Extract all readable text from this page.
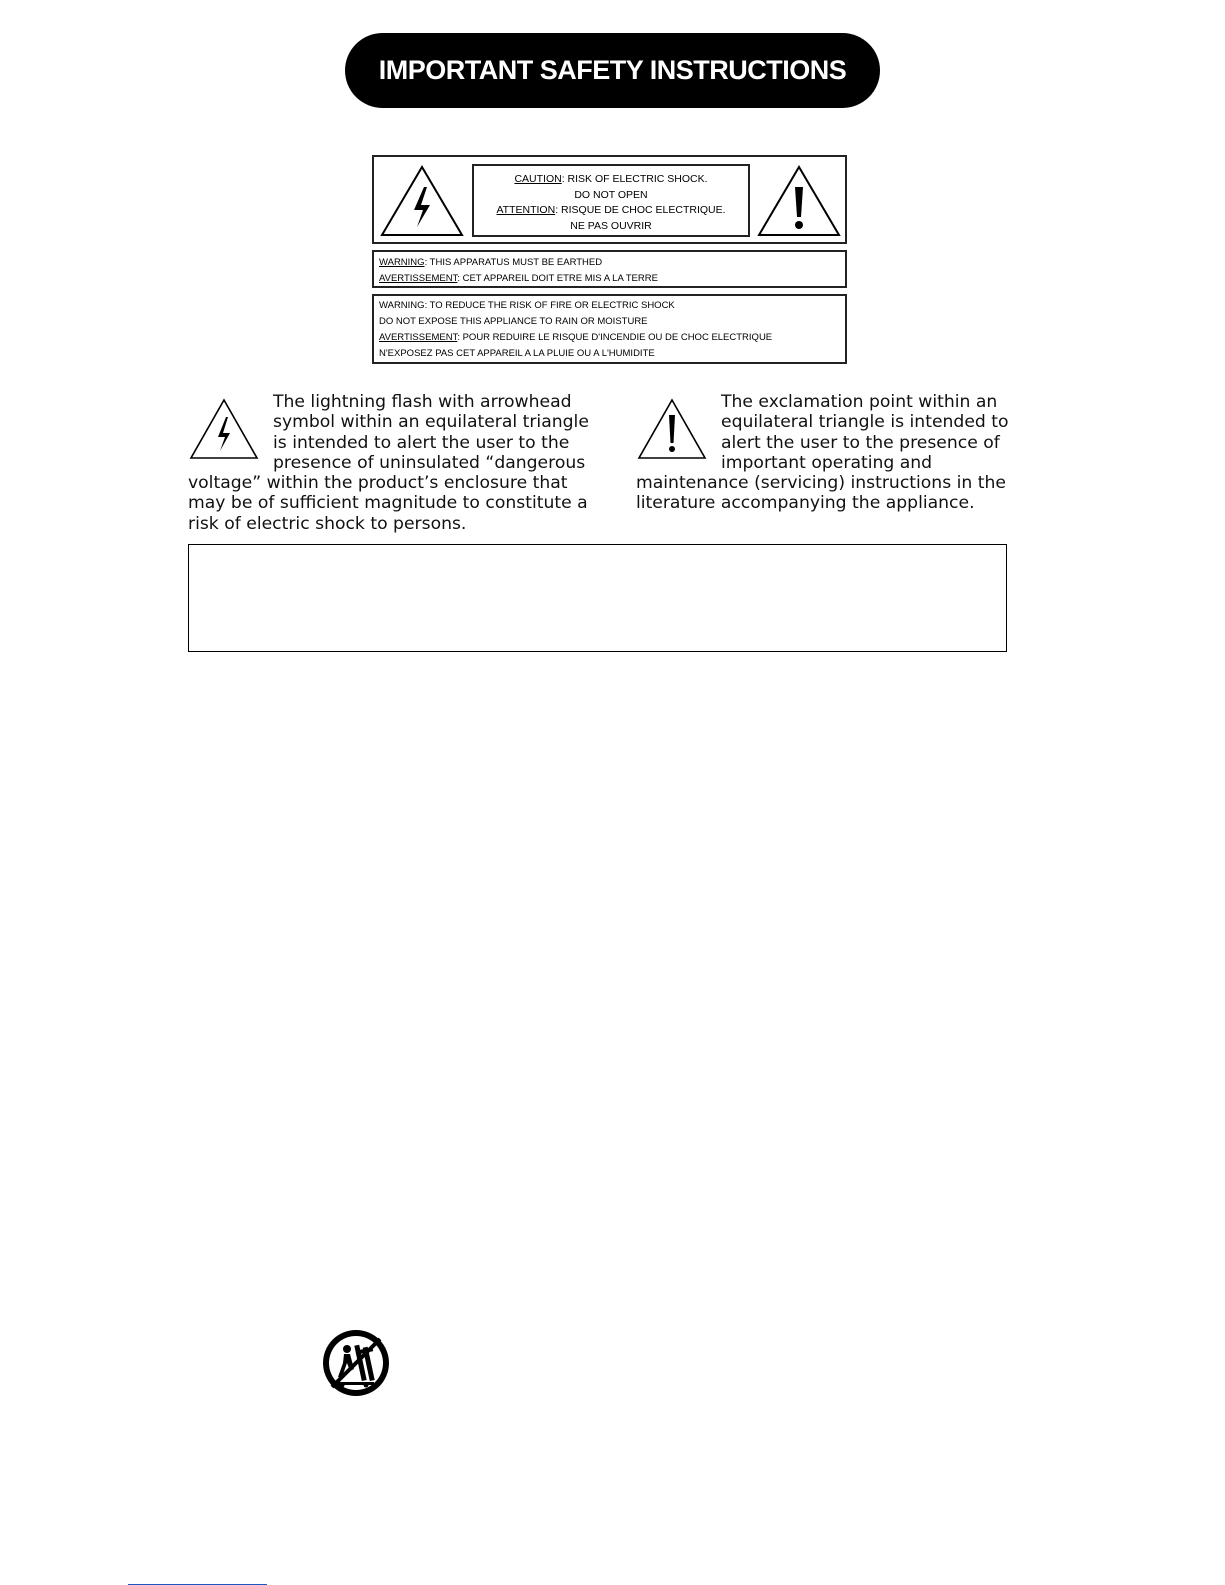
IMPORTANT SAFETY INSTRUCTIONS
CAUTION: RISK OF ELECTRIC SHOCK.
DO NOT OPEN
ATTENTION: RISQUE DE CHOC ELECTRIQUE.
NE PAS OUVRIR
WARNING: THIS APPARATUS MUST BE EARTHED
AVERTISSEMENT: CET APPAREIL DOIT ETRE MIS A LA TERRE
WARNING: TO REDUCE THE RISK OF FIRE OR ELECTRIC SHOCK
DO NOT EXPOSE THIS APPLIANCE TO RAIN OR MOISTURE
AVERTISSEMENT: POUR REDUIRE LE RISQUE D'INCENDIE OU DE CHOC ELECTRIQUE
N'EXPOSEZ PAS CET APPAREIL A LA PLUIE OU A L'HUMIDITE
The lightning flash with arrowhead
symbol within an equilateral triangle
is intended to alert the user to the
presence of uninsulated “dangerous
voltage” within the product’s enclosure that
may be of sufficient magnitude to constitute a
risk of electric shock to persons.
The exclamation point within an
equilateral triangle is intended to
alert the user to the presence of
important operating and
maintenance (servicing) instructions in the
literature accompanying the appliance.
